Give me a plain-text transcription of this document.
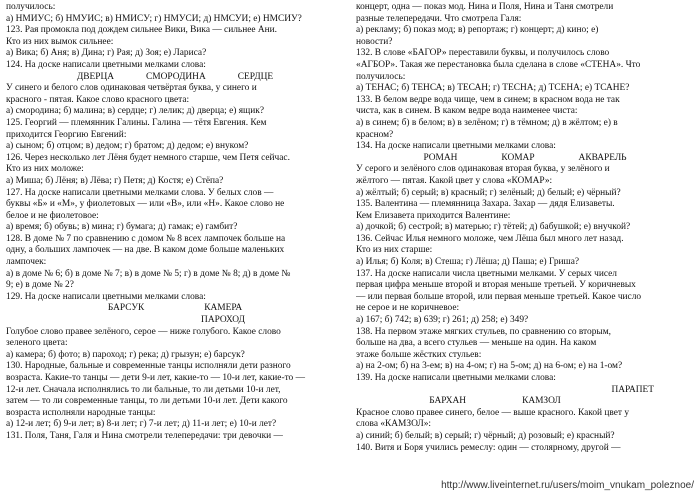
получилось:
а) НМИУС; б) НМУИС; в) НМИСУ; г) НМУСИ; д) НМСУИ; е) НМСИУ?
123. Рая промокла под дождем сильнее Вики, Вика — сильнее Ани.
Кто из них вымок сильнее:
а) Вика; б) Аня; в) Дина; г) Рая; д) Зоя; е) Лариса?
124. На доске написали цветными мелками слова:
ДВЕРЦА	СМОРОДИНА	СЕРДЦЕ
У синего и белого слов одинаковая четвёртая буква, у синего и
красного - пятая. Какое слово красного цвета:
а) смородина; б) малина; в) сердце; г) лелик; д) дверца; е) ящик?
125. Георгий — племянник Галины. Галина — тётя Евгения. Кем
приходится Георгию Евгений:
а) сыном; б) отцом; в) дедом; г) братом; д) дедом; е) внуком?
126. Через несколько лет Лёня будет немного старше, чем Петя сейчас.
Кто из них моложе:
а) Миша; б) Лёня; в) Лёва; г) Петя; д) Костя; е) Стёпа?
127. На доске написали цветными мелками слова. У белых слов —
буквы «Б» и «М», у фиолетовых — или «В», или «Н». Какое слово не
белое и не фиолетовое:
а) время; б) обувь; в) мина; г) бумага; д) гамак; е) гамбит?
128. В доме № 7 по сравнению с домом № 8 всех лампочек больше на
одну, а больших лампочек — на две. В каком доме больше маленьких
лампочек:
а) в доме № 6; б) в доме № 7; в) в доме № 5; г) в доме № 8; д) в доме №
9; е) в доме № 2?
129. На доске написали цветными мелками слова:
БАРСУК	КАМЕРА
ПАРОХОД
Голубое слово правее зелёного, серое — ниже голубого. Какое слово
зеленого цвета:
а) камера; б) фото; в) пароход; г) река; д) грызун; е) барсук?
130. Народные, бальные и современные танцы исполняли дети разного
возраста. Какие-то танцы — дети 9-и лет, какие-то — 10-и лет, какие-то —
12-и лет. Сначала исполнялись то ли бальные, то ли детьми 10-и лет,
затем — то ли современные танцы, то ли детьми 10-и лет. Дети какого
возраста исполняли народные танцы:
а) 12-и лет; б) 9-и лет; в) 8-и лет; г) 7-и лет; д) 11-и лет; е) 10-и лет?
131. Поля, Таня, Галя и Нина смотрели телепередачи: три девочки —
концерт, одна — показ мод. Нина и Поля, Нина и Таня смотрели
разные телепередачи. Что смотрела Галя:
а) рекламу; б) показ мод; в) репортаж; г) концерт; д) кино; е)
новости?
132. В слове «БАГОР» переставили буквы, и получилось слово
«АГБОР». Такая же перестановка была сделана в слове «СТЕНА». Что
получилось:
а) ТЕНАС; б) ТЕНСА; в) ТЕСАН; г) ТЕСНА; д) ТСЕНА; е) ТСАНЕ?
133. В белом ведре вода чище, чем в синем; в красном вода не так
чиста, как в синем. В каком ведре вода наименее чиста:
а) в синем; б) в белом; в) в зелёном; г) в тёмном; д) в жёлтом; е) в
красном?
134. На доске написали цветными мелками слова:
РОМАН	КОМАР	АКВАРЕЛЬ
У серого и зелёного слов одинаковая вторая буква, у зелёного и
жёлтого — пятая. Какой цвет у слова «КОМАР»:
а) жёлтый; б) серый; в) красный; г) зелёный; д) белый; е) чёрный?
135. Валентина — племянница Захара. Захар — дядя Елизаветы.
Кем Елизавета приходится Валентине:
а) дочкой; б) сестрой; в) матерью; г) тётей; д) бабушкой; е) внучкой?
136. Сейчас Илья немного моложе, чем Лёша был много лет назад.
Кто из них старше:
а) Илья; б) Коля; в) Стеша; г) Лёша; д) Паша; е) Гриша?
137. На доске написали числа цветными мелками. У серых чисел
первая цифра меньше второй и вторая меньше третьей. У коричневых
— или первая больше второй, или первая меньше третьей. Какое число
не серое и не коричневое:
а) 167; б) 742; в) 639; г) 261; д) 258; е) 349?
138. На первом этаже мягких стульев, по сравнению со вторым,
больше на два, а всего стульев — меньше на один. На каком
этаже больше жёстких стульев:
а) на 2-ом; б) на 3-ем; в) на 4-ом; г) на 5-ом; д) на 6-ом; е) на 1-ом?
139. На доске написали цветными мелками слова:
ПАРАПЕТ
БАРХАН	КАМЗОЛ
Красное слово правее синего, белое — выше красного. Какой цвет у
слова «КАМЗОЛ»:
а) синий; б) белый; в) серый; г) чёрный; д) розовый; е) красный?
140. Витя и Боря учились ремеслу: один — столярному, другой —
http://www.liveinternet.ru/users/moim_vnukam_poleznoe/
